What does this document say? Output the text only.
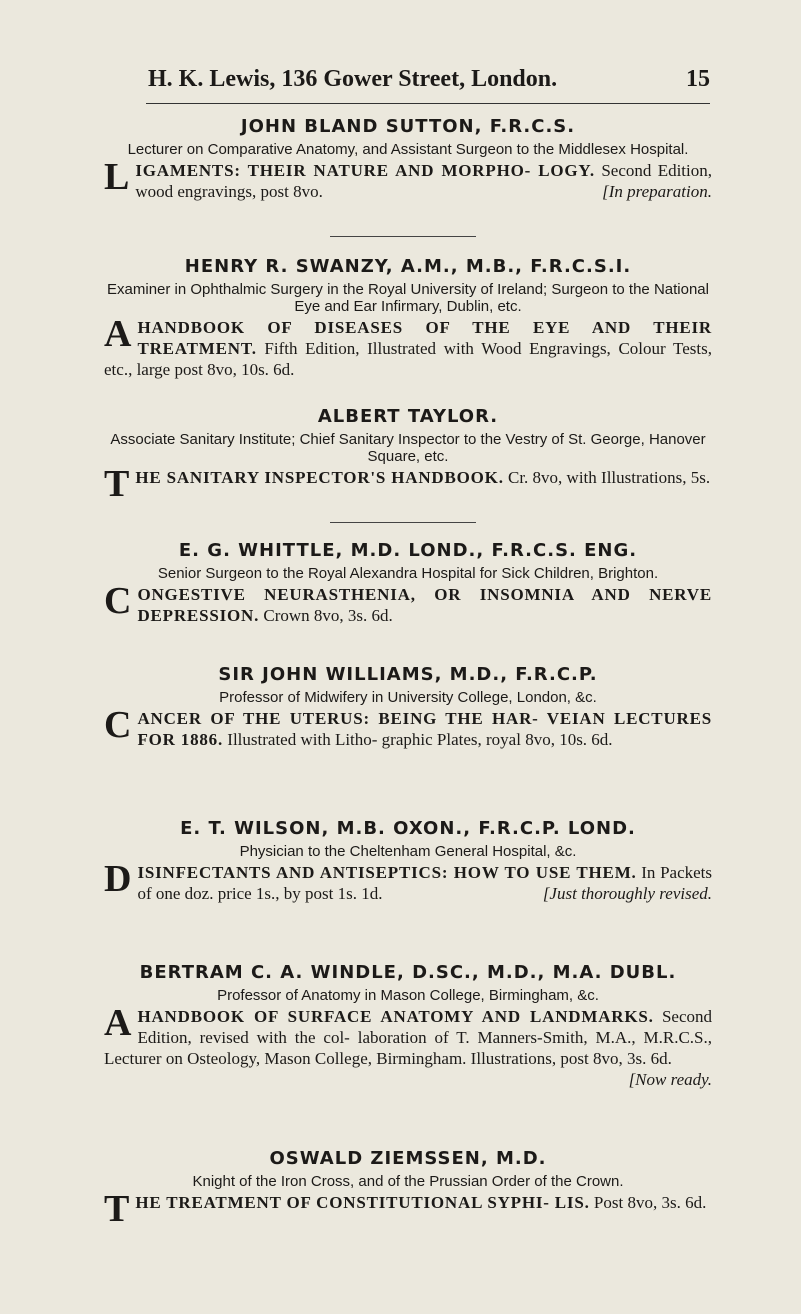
H. K. Lewis, 136 Gower Street, London.	15

JOHN BLAND SUTTON, F.R.C.S.

Lecturer on Comparative Anatomy, and Assistant Surgeon to the Middlesex Hospital.

L IGAMENTS: THEIR NATURE AND MORPHO- LOGY. Second Edition, wood engravings, post 8vo.	[In preparation.

HENRY R. SWANZY, A.M., M.B., F.R.C.S.I.

Examiner in Ophthalmic Surgery in the Royal University of Ireland; Surgeon to the National Eye and Ear Infirmary, Dublin, etc.

A HANDBOOK OF DISEASES OF THE EYE AND THEIR TREATMENT. Fifth Edition, Illustrated with Wood Engravings, Colour Tests, etc., large post 8vo, 10s. 6d.

ALBERT TAYLOR.

Associate Sanitary Institute; Chief Sanitary Inspector to the Vestry of St. George, Hanover Square, etc.

T HE SANITARY INSPECTOR'S HANDBOOK. Cr. 8vo, with Illustrations, 5s.

E. G. WHITTLE, M.D. LOND., F.R.C.S. ENG.

Senior Surgeon to the Royal Alexandra Hospital for Sick Children, Brighton.

C ONGESTIVE NEURASTHENIA, OR INSOMNIA AND NERVE DEPRESSION. Crown 8vo, 3s. 6d.

SIR JOHN WILLIAMS, M.D., F.R.C.P.

Professor of Midwifery in University College, London, &c.

C ANCER OF THE UTERUS: BEING THE HAR- VEIAN LECTURES FOR 1886. Illustrated with Litho- graphic Plates, royal 8vo, 10s. 6d.

E. T. WILSON, M.B. OXON., F.R.C.P. LOND.

Physician to the Cheltenham General Hospital, &c.

D ISINFECTANTS AND ANTISEPTICS: HOW TO USE THEM. In Packets of one doz. price 1s., by post 1s. 1d.	[Just thoroughly revised.

BERTRAM C. A. WINDLE, D.SC., M.D., M.A. DUBL.

Professor of Anatomy in Mason College, Birmingham, &c.

A HANDBOOK OF SURFACE ANATOMY AND LANDMARKS. Second Edition, revised with the col- laboration of T. Manners-Smith, M.A., M.R.C.S., Lecturer on Osteology, Mason College, Birmingham. Illustrations, post 8vo, 3s. 6d.
[Now ready.

OSWALD ZIEMSSEN, M.D.

Knight of the Iron Cross, and of the Prussian Order of the Crown.

T HE TREATMENT OF CONSTITUTIONAL SYPHI- LIS. Post 8vo, 3s. 6d.
